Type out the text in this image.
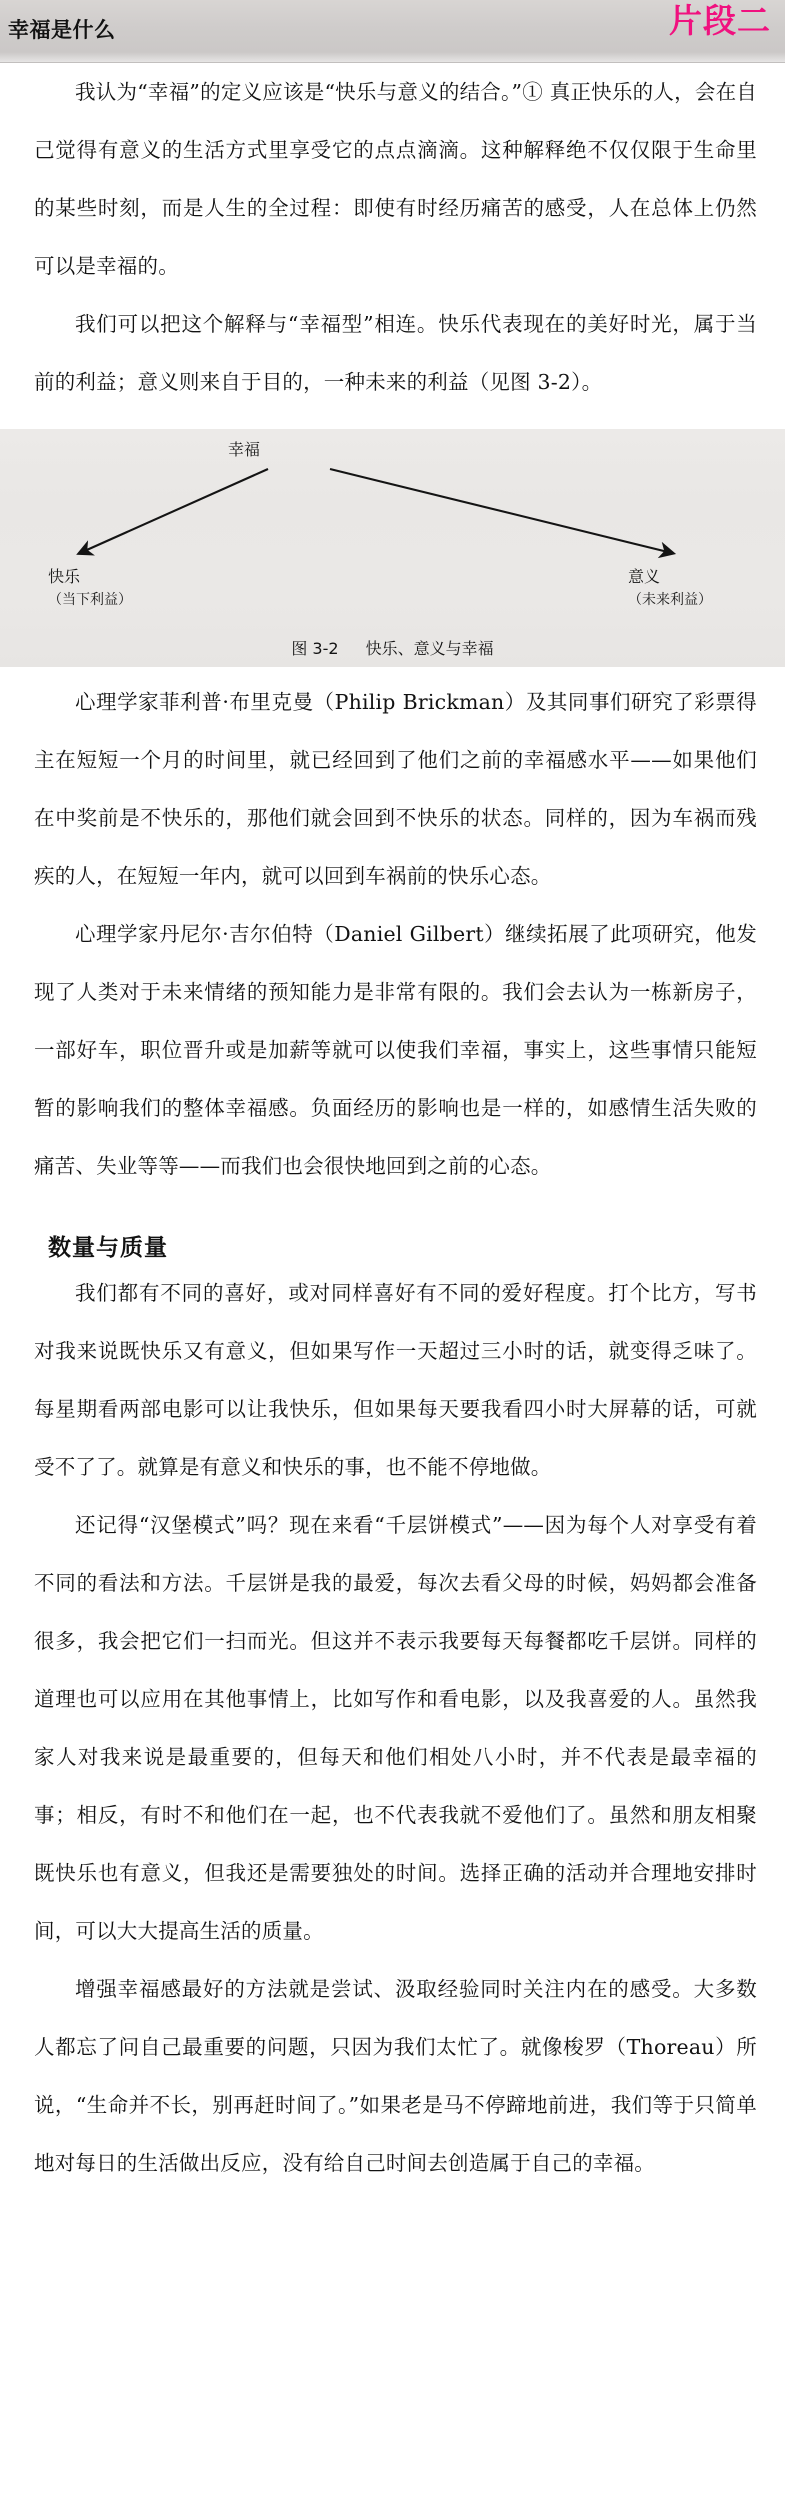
幸福是什么	片段二

我认为“幸福”的定义应该是“快乐与意义的结合。”① 真正快乐的人，会在自己觉得有意义的生活方式里享受它的点点滴滴。这种解释绝不仅仅限于生命里的某些时刻，而是人生的全过程：即使有时经历痛苦的感受，人在总体上仍然可以是幸福的。

我们可以把这个解释与“幸福型”相连。快乐代表现在的美好时光，属于当前的利益；意义则来自于目的，一种未来的利益（见图 3-2）。

幸福
快乐
（当下利益）
意义
（未来利益）
图 3-2 快乐、意义与幸福

心理学家菲利普·布里克曼（Philip Brickman）及其同事们研究了彩票得主在短短一个月的时间里，就已经回到了他们之前的幸福感水平——如果他们在中奖前是不快乐的，那他们就会回到不快乐的状态。同样的，因为车祸而残疾的人，在短短一年内，就可以回到车祸前的快乐心态。

心理学家丹尼尔·吉尔伯特（Daniel Gilbert）继续拓展了此项研究，他发现了人类对于未来情绪的预知能力是非常有限的。我们会去认为一栋新房子，一部好车，职位晋升或是加薪等就可以使我们幸福，事实上，这些事情只能短暂的影响我们的整体幸福感。负面经历的影响也是一样的，如感情生活失败的痛苦、失业等等——而我们也会很快地回到之前的心态。

数量与质量

我们都有不同的喜好，或对同样喜好有不同的爱好程度。打个比方，写书对我来说既快乐又有意义，但如果写作一天超过三小时的话，就变得乏味了。每星期看两部电影可以让我快乐，但如果每天要我看四小时大屏幕的话，可就受不了了。就算是有意义和快乐的事，也不能不停地做。

还记得“汉堡模式”吗？现在来看“千层饼模式”——因为每个人对享受有着不同的看法和方法。千层饼是我的最爱，每次去看父母的时候，妈妈都会准备很多，我会把它们一扫而光。但这并不表示我要每天每餐都吃千层饼。同样的道理也可以应用在其他事情上，比如写作和看电影，以及我喜爱的人。虽然我家人对我来说是最重要的，但每天和他们相处八小时，并不代表是最幸福的事；相反，有时不和他们在一起，也不代表我就不爱他们了。虽然和朋友相聚既快乐也有意义，但我还是需要独处的时间。选择正确的活动并合理地安排时间，可以大大提高生活的质量。

增强幸福感最好的方法就是尝试、汲取经验同时关注内在的感受。大多数人都忘了问自己最重要的问题，只因为我们太忙了。就像梭罗（Thoreau）所说，“生命并不长，别再赶时间了。”如果老是马不停蹄地前进，我们等于只简单地对每日的生活做出反应，没有给自己时间去创造属于自己的幸福。
